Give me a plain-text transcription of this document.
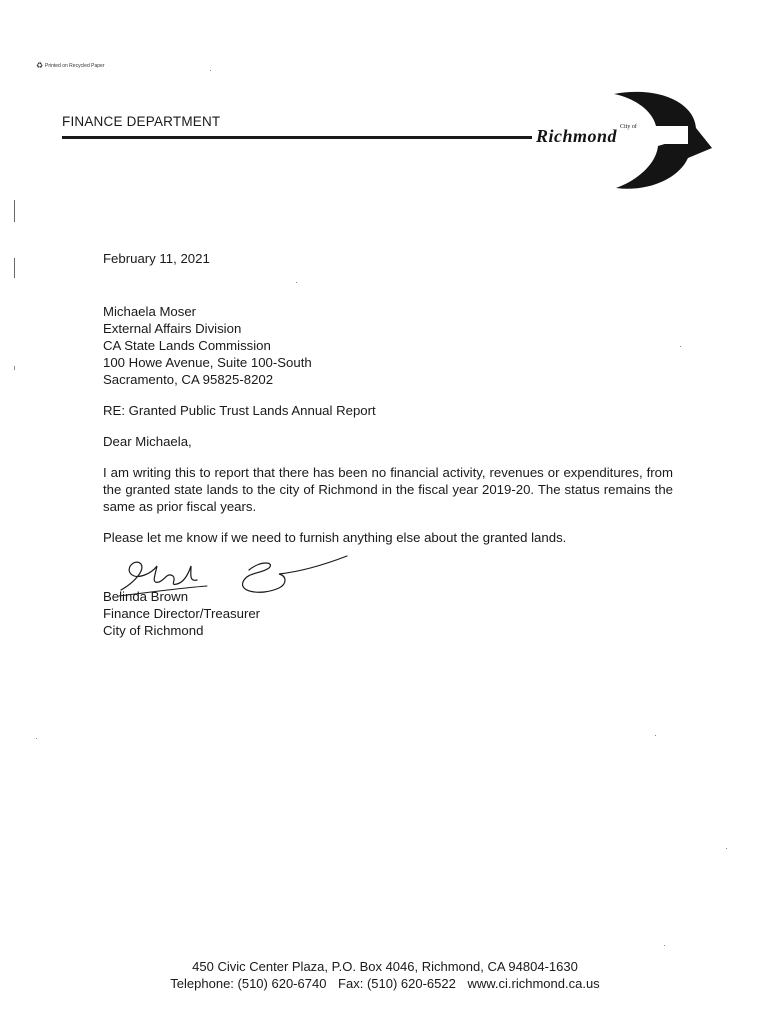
♻ Printed on Recycled Paper
FINANCE DEPARTMENT	City of
Richmond

February 11, 2021

Michaela Moser
External Affairs Division
CA State Lands Commission
100 Howe Avenue, Suite 100-South
Sacramento, CA 95825-8202

RE: Granted Public Trust Lands Annual Report

Dear Michaela,

I am writing this to report that there has been no financial activity, revenues or expenditures, from the granted state lands to the city of Richmond in the fiscal year 2019-20. The status remains the same as prior fiscal years.

Please let me know if we need to furnish anything else about the granted lands.

Belinda Brown
Finance Director/Treasurer
City of Richmond
450 Civic Center Plaza, P.O. Box 4046, Richmond, CA 94804-1630
Telephone: (510) 620-6740 Fax: (510) 620-6522 www.ci.richmond.ca.us
